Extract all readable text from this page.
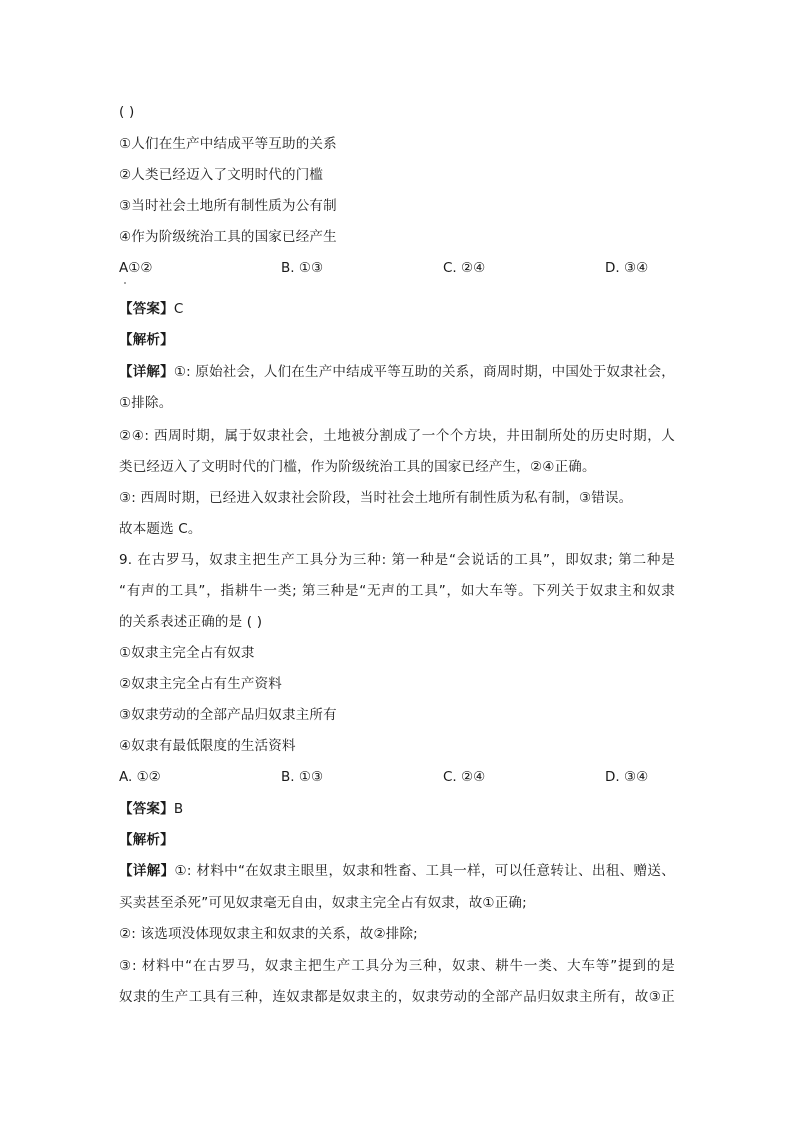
( )
①人们在生产中结成平等互助的关系
②人类已经迈入了文明时代的门槛
③当时社会土地所有制性质为公有制
④作为阶级统治工具的国家已经产生
A①②	B. ①③	C. ②④	D. ③④
【答案】C
【解析】
【详解】①: 原始社会，人们在生产中结成平等互助的关系，商周时期，中国处于奴隶社会，
①排除。
②④: 西周时期，属于奴隶社会，土地被分割成了一个个方块，井田制所处的历史时期，人
类已经迈入了文明时代的门槛，作为阶级统治工具的国家已经产生，②④正确。
③: 西周时期，已经进入奴隶社会阶段，当时社会土地所有制性质为私有制，③错误。
故本题选 C。
9. 在古罗马，奴隶主把生产工具分为三种: 第一种是“会说话的工具”，即奴隶; 第二种是
“有声的工具”，指耕牛一类; 第三种是“无声的工具”，如大车等。下列关于奴隶主和奴隶
的关系表述正确的是 ( )
①奴隶主完全占有奴隶
②奴隶主完全占有生产资料
③奴隶劳动的全部产品归奴隶主所有
④奴隶有最低限度的生活资料
A. ①②	B. ①③	C. ②④	D. ③④
【答案】B
【解析】
【详解】①: 材料中“在奴隶主眼里，奴隶和牲畜、工具一样，可以任意转让、出租、赠送、
买卖甚至杀死”可见奴隶毫无自由，奴隶主完全占有奴隶，故①正确;
②: 该选项没体现奴隶主和奴隶的关系，故②排除;
③: 材料中“在古罗马，奴隶主把生产工具分为三种，奴隶、耕牛一类、大车等”提到的是
奴隶的生产工具有三种，连奴隶都是奴隶主的，奴隶劳动的全部产品归奴隶主所有，故③正
